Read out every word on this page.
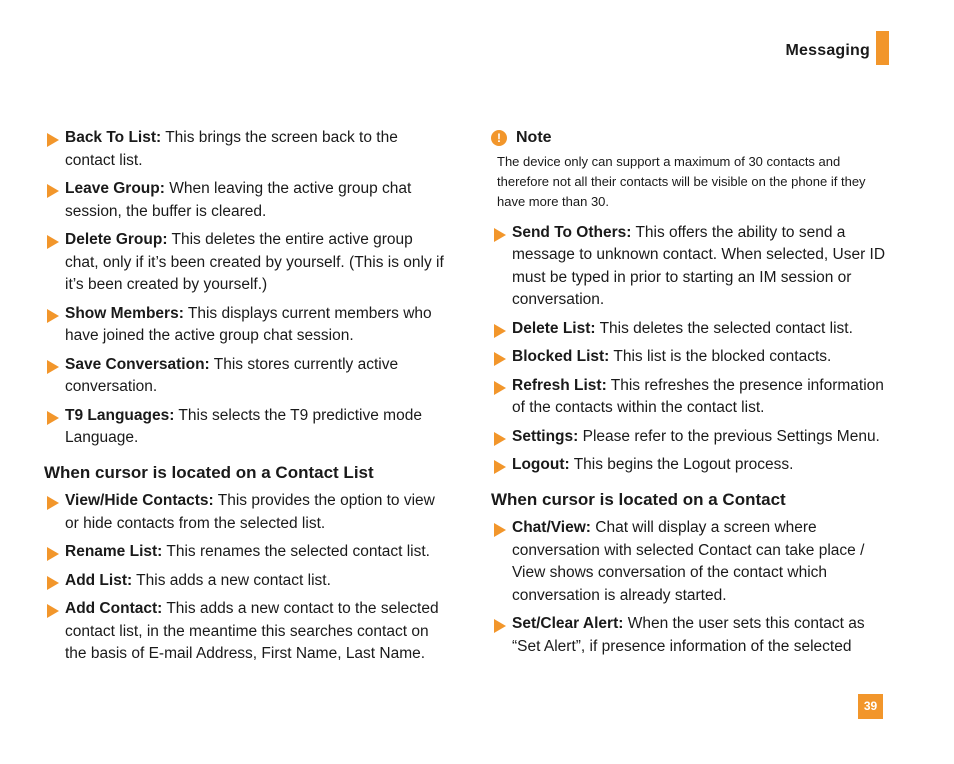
Messaging
Back To List: This brings the screen back to the contact list.
Leave Group: When leaving the active group chat session, the buffer is cleared.
Delete Group: This deletes the entire active group chat, only if it’s been created by yourself. (This is only if it’s been created by yourself.)
Show Members: This displays current members who have joined the active group chat session.
Save Conversation: This stores currently active conversation.
T9 Languages: This selects the T9 predictive mode Language.
When cursor is located on a Contact List
View/Hide Contacts: This provides the option to view or hide contacts from the selected list.
Rename List: This renames the selected contact list.
Add List: This adds a new contact list.
Add Contact: This adds a new contact to the selected contact list, in the meantime this searches contact on the basis of E-mail Address, First Name, Last Name.
! Note
The device only can support a maximum of 30 contacts and therefore not all their contacts will be visible on the phone if they have more than 30.
Send To Others: This offers the ability to send a message to unknown contact. When selected, User ID must be typed in prior to starting an IM session or conversation.
Delete List: This deletes the selected contact list.
Blocked List: This list is the blocked contacts.
Refresh List: This refreshes the presence information of the contacts within the contact list.
Settings: Please refer to the previous Settings Menu.
Logout: This begins the Logout process.
When cursor is located on a Contact
Chat/View: Chat will display a screen where conversation with selected Contact can take place / View shows conversation of the contact which conversation is already started.
Set/Clear Alert: When the user sets this contact as “Set Alert”, if presence information of the selected
39
